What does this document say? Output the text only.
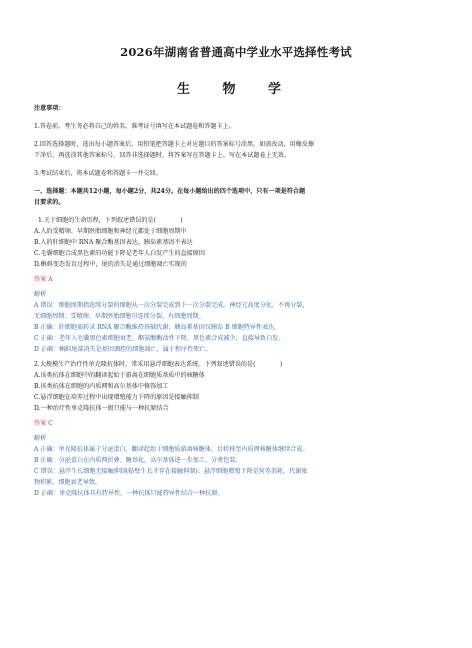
2026年湖南省普通高中学业水平选择性考试
生 物 学
注意事项：
1.答卷前，考生务必将自己的姓名、准考证号填写在本试题卷和答题卡上。
2.回答选择题时，选出每小题答案后，用铅笔把答题卡上对应题目的答案标号涂黑。如需改动，用橡皮擦
干净后，再选涂其他答案标号。回答非选择题时，将答案写在答题卡上。写在本试题卷上无效。
3.考试结束后，将本试题卷和答题卡一并交回。
一、选择题：本题共12小题，每小题2分，共24分。在每小题给出的四个选项中，只有一项是符合题
目要求的。
1.关于细胞的生命历程，下列叙述错误的是(　　　　)
A.人的受精卵、早期胚胎细胞和神经元都处于细胞周期中
B.人的肝细胞中 RNA 聚合酶基因表达，胰岛素基因不表达
C.毛囊细胞合成黑色素的功能下降是老年人白发产生的直接原因
D.蝌蚪变态发育过程中，尾的消失是通过细胞凋亡实现的
答案 A
解析
A 错误：细胞周期指连续分裂的细胞从一次分裂完成到下一次分裂完成。神经元高度分化，不再分裂，
无细胞周期；受精卵、早期胚胎细胞可连续分裂，有细胞周期。
B 正确：肝细胞需转录 RNA 聚合酶维持基础代谢；胰岛素基因仅胰岛 B 细胞特异性表达。
C 正确：老年人毛囊黑色素细胞衰老，酪氨酸酶活性下降，黑色素合成减少，直接导致白发。
D 正确：蝌蚪尾部消失是基因调控的细胞凋亡，属于程序性死亡。
2.大规模生产治疗性单克隆抗体时，常采用悬浮细胞表达系统。下列叙述错误的是(　　　　)
A.该类抗体在细胞中的翻译起始于游离在细胞质基质中的核糖体
B.该类抗体在细胞的内质网和高尔基体中修饰加工
C.悬浮细胞在培养过程中出现增殖能力下降的原因是接触抑制
D.一种治疗性单克隆抗体一般只能与一种抗原结合
答案 C
解析
A 正确：单克隆抗体属于分泌蛋白，翻译起始于细胞质游离核糖体，后转移至内质网核糖体继续合成。
B 正确：分泌蛋白在内质网折叠、糖基化，高尔基体进一步加工、分类包装。
C 错误：悬浮生长细胞无接触抑制(贴壁生长才存在接触抑制)；悬浮细胞增殖下降是营养消耗、代谢废
物积累、细胞衰老导致。
D 正确：单克隆抗体具有特异性，一种抗体只能特异性结合一种抗原。
